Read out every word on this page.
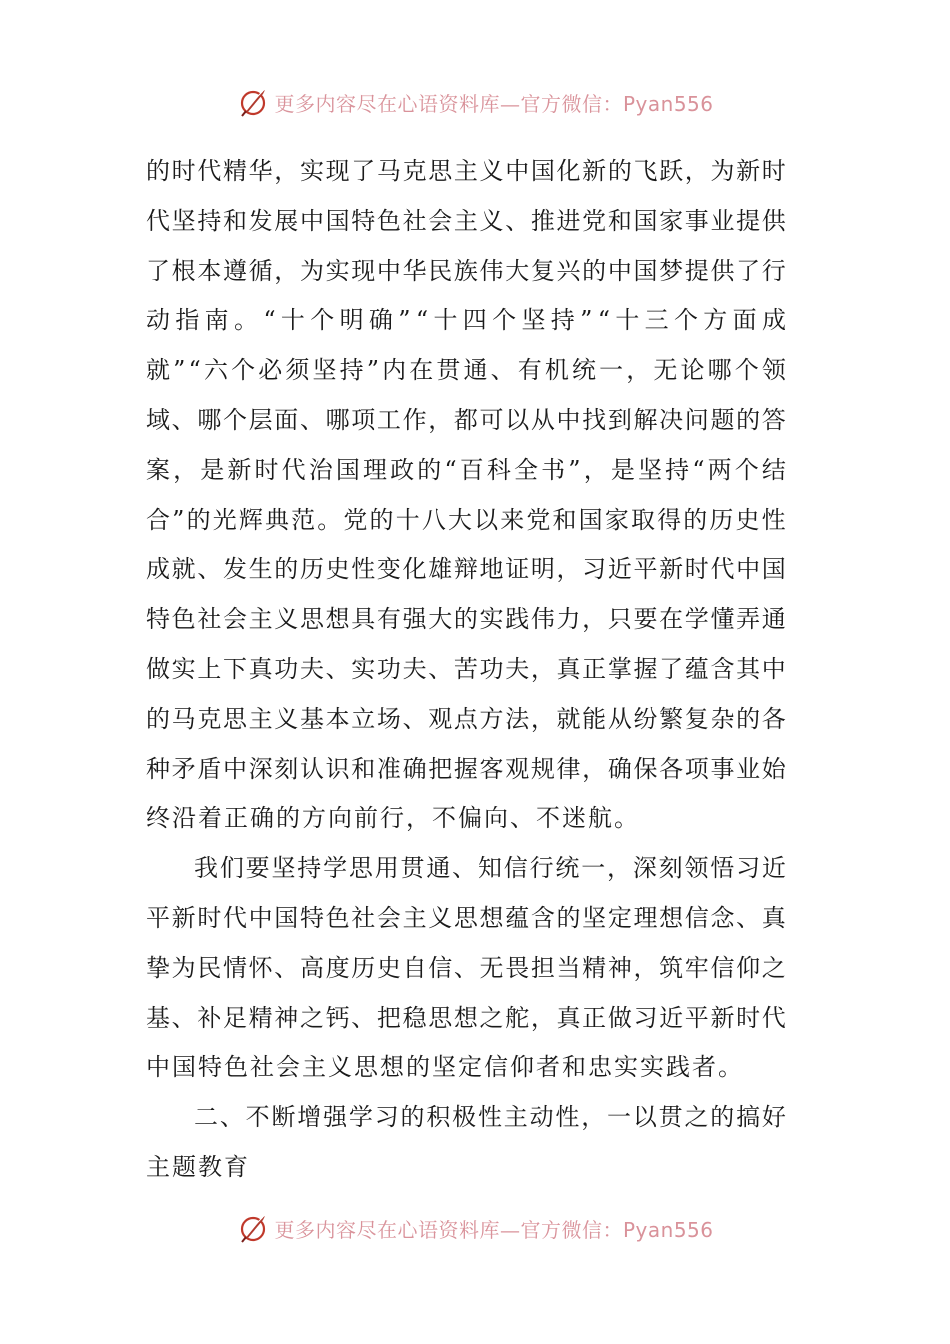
更多内容尽在心语资料库—官方微信：Pyan556
的 时 代 精 华 ， 实 现 了 马 克 思 主 义 中 国 化 新 的 飞 跃 ， 为 新 时
代 坚 持 和 发 展 中 国 特 色 社 会 主 义 、 推 进 党 和 国 家 事 业 提 供
了 根 本 遵 循 ， 为 实 现 中 华 民 族 伟 大 复 兴 的 中 国 梦 提 供 了 行
动 指 南 。 “ 十 个 明 确 ” “ 十 四 个 坚 持 ” “ 十 三 个 方 面 成
就 ” “ 六 个 必 须 坚 持 ” 内 在 贯 通 、 有 机 统 一 ， 无 论 哪 个 领
域 、 哪 个 层 面 、 哪 项 工 作 ， 都 可 以 从 中 找 到 解 决 问 题 的 答
案 ， 是 新 时 代 治 国 理 政 的 “ 百 科 全 书 ” ， 是 坚 持 “ 两 个 结
合 ” 的 光 辉 典 范 。 党 的 十 八 大 以 来 党 和 国 家 取 得 的 历 史 性
成 就 、 发 生 的 历 史 性 变 化 雄 辩 地 证 明 ， 习 近 平 新 时 代 中 国
特 色 社 会 主 义 思 想 具 有 强 大 的 实 践 伟 力 ， 只 要 在 学 懂 弄 通
做 实 上 下 真 功 夫 、 实 功 夫 、 苦 功 夫 ， 真 正 掌 握 了 蕴 含 其 中
的 马 克 思 主 义 基 本 立 场 、 观 点 方 法 ， 就 能 从 纷 繁 复 杂 的 各
种 矛 盾 中 深 刻 认 识 和 准 确 把 握 客 观 规 律 ， 确 保 各 项 事 业 始
终沿着正确的方向前行，不偏向、不迷航。
我 们 要 坚 持 学 思 用 贯 通 、 知 信 行 统 一 ， 深 刻 领 悟 习 近
平 新 时 代 中 国 特 色 社 会 主 义 思 想 蕴 含 的 坚 定 理 想 信 念 、 真
挚 为 民 情 怀 、 高 度 历 史 自 信 、 无 畏 担 当 精 神 ， 筑 牢 信 仰 之
基 、 补 足 精 神 之 钙 、 把 稳 思 想 之 舵 ， 真 正 做 习 近 平 新 时 代
中国特色社会主义思想的坚定信仰者和忠实实践者。
二 、 不 断 增 强 学 习 的 积 极 性 主 动 性 ， 一 以 贯 之 的 搞 好
主题教育
更多内容尽在心语资料库—官方微信：Pyan556
